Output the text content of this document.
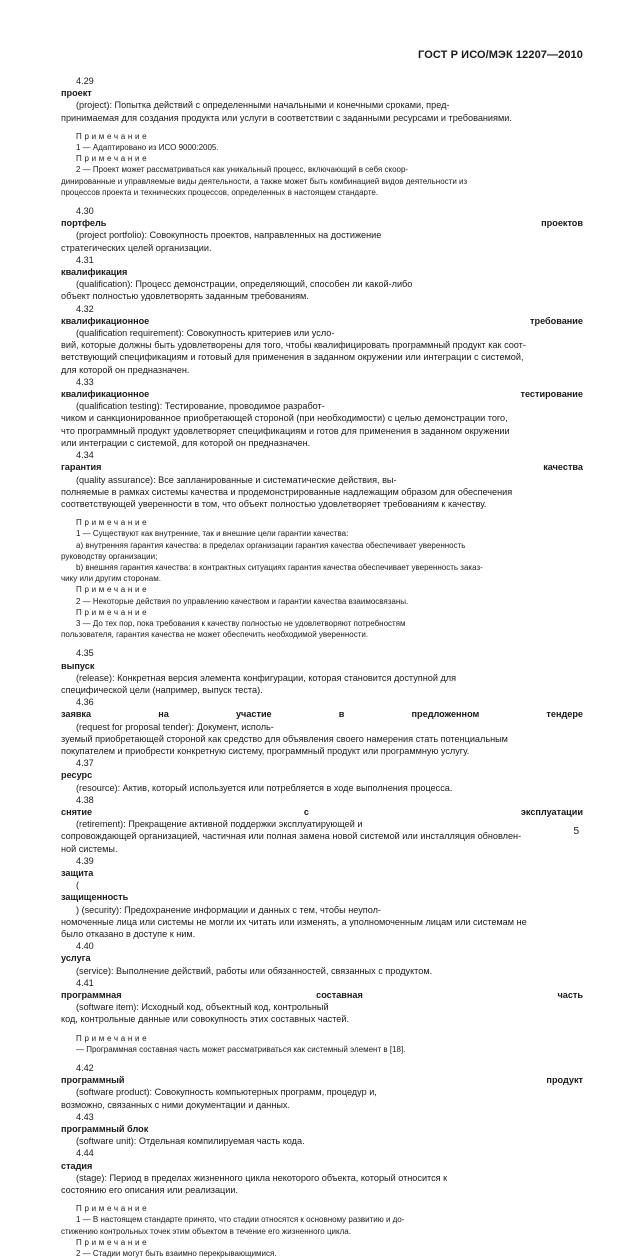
ГОСТ Р ИСО/МЭК 12207—2010
4.29
проект
(project): Попытка действий с определенными начальными и конечными сроками, пред-
принимаемая для создания продукта или услуги в соответствии с заданными ресурсами и требованиями.
Примечание
1 — Адаптировано из ИСО 9000:2005.
Примечание
2 — Проект может рассматриваться как уникальный процесс, включающий в себя скоор-
динированные и управляемые виды деятельности, а также может быть комбинацией видов деятельности из
процессов проекта и технических процессов, определенных в настоящем стандарте.
4.30
портфель проектов
(project portfolio): Совокупность проектов, направленных на достижение
стратегических целей организации.
4.31
квалификация
(qualification): Процесс демонстрации, определяющий, способен ли какой-либо
объект полностью удовлетворять заданным требованиям.
4.32
квалификационное требование
(qualification requirement): Совокупность критериев или усло-
вий, которые должны быть удовлетворены для того, чтобы квалифицировать программный продукт как соот-
ветствующий спецификациям и готовый для применения в заданном окружении или интеграции с системой,
для которой он предназначен.
4.33
квалификационное тестирование
(qualification testing): Тестирование, проводимое разработ-
чиком и санкционированное приобретающей стороной (при необходимости) с целью демонстрации того,
что программный продукт удовлетворяет спецификациям и готов для применения в заданном окружении
или интеграции с системой, для которой он предназначен.
4.34
гарантия качества
(quality assurance): Все запланированные и систематические действия, вы-
полняемые в рамках системы качества и продемонстрированные надлежащим образом для обеспечения
соответствующей уверенности в том, что объект полностью удовлетворяет требованиям к качеству.
Примечание
1 — Существуют как внутренние, так и внешние цели гарантии качества:
а) внутренняя гарантия качества: в пределах организации гарантия качества обеспечивает уверенность
руководству организации;
b) внешняя гарантия качества: в контрактных ситуациях гарантия качества обеспечивает уверенность заказ-
чику или другим сторонам.
Примечание
2 — Некоторые действия по управлению качеством и гарантии качества взаимосвязаны.
Примечание
3 — До тех пор, пока требования к качеству полностью не удовлетворяют потребностям
пользователя, гарантия качества не может обеспечить необходимой уверенности.
4.35
выпуск
(release): Конкретная версия элемента конфигурации, которая становится доступной для
специфической цели (например, выпуск теста).
4.36
заявка на участие в предложенном тендере
(request for proposal tender): Документ, исполь-
зуемый приобретающей стороной как средство для объявления своего намерения стать потенциальным
покупателем и приобрести конкретную систему, программный продукт или программную услугу.
4.37
ресурс
(resource): Актив, который используется или потребляется в ходе выполнения процесса.
4.38
снятие с эксплуатации
(retirement): Прекращение активной поддержки эксплуатирующей и
сопровождающей организацией, частичная или полная замена новой системой или инсталляция обновлен-
ной системы.
4.39
защита
(
защищенность
) (security): Предохранение информации и данных с тем, чтобы неупол-
номоченные лица или системы не могли их читать или изменять, а уполномоченным лицам или системам не
было отказано в доступе к ним.
4.40
услуга
(service): Выполнение действий, работы или обязанностей, связанных с продуктом.
4.41
программная составная часть
(software item): Исходный код, объектный код, контрольный
код, контрольные данные или совокупность этих составных частей.
Примечание
— Программная составная часть может рассматриваться как системный элемент в [18].
4.42
программный продукт
(software product): Совокупность компьютерных программ, процедур и,
возможно, связанных с ними документации и данных.
4.43
программный блок
(software unit): Отдельная компилируемая часть кода.
4.44
стадия
(stage): Период в пределах жизненного цикла некоторого объекта, который относится к
состоянию его описания или реализации.
Примечание
1 — В настоящем стандарте принято, что стадии относятся к основному развитию и до-
стижению контрольных точек этим объектом в течение его жизненного цикла.
Примечание
2 — Стадии могут быть взаимно перекрывающимися.
5
